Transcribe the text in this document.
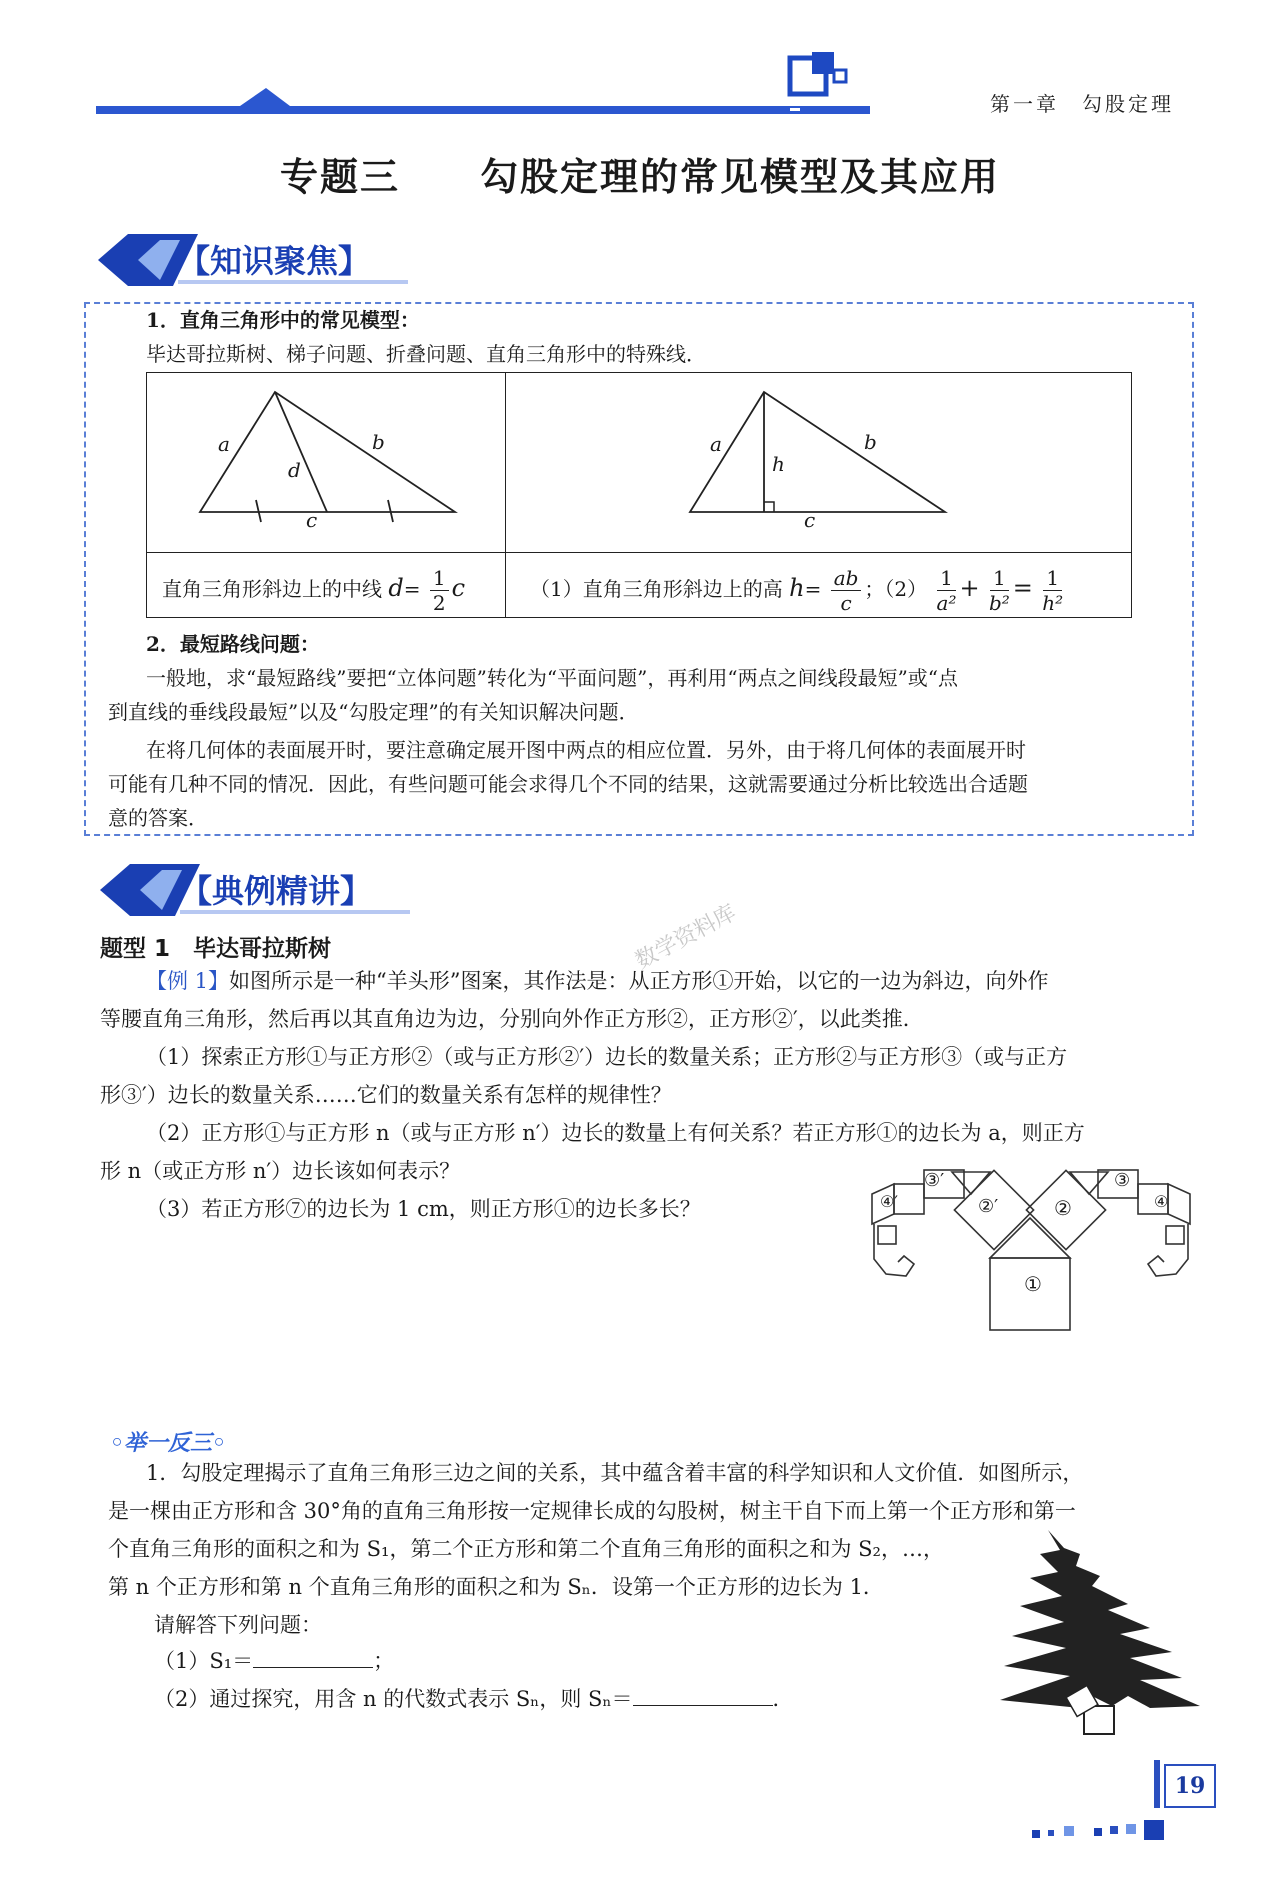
第一章　勾股定理
专题三　　 勾股定理的常见模型及其应用
【知识聚焦】
1．直角三角形中的常见模型：
毕达哥拉斯树、梯子问题、折叠问题、直角三角形中的特殊线．
a	b
d
c
a	b
h
c
直角三角形斜边上的中线 $d= \frac{1}{2}$ c	（1）直角三角形斜边上的高 $h= \frac{ab}{c}$ ；$(2) \frac{1}{\text{a²}} + \frac{1}{\text{b²}} = \frac{1}{\text{h²}}$
2．最短路线问题：
一般地，求“最短路线”要把“立体问题”转化为“平面问题”，再利用“两点之间线段最短”或“点
到直线的垂线段最短”以及“勾股定理”的有关知识解决问题．
在将几何体的表面展开时，要注意确定展开图中两点的相应位置．另外，由于将几何体的表面展开时
可能有几种不同的情况．因此，有些问题可能会求得几个不同的结果，这就需要通过分析比较选出合适题
意的答案．
【典例精讲】
数学资料库
题型 1　毕达哥拉斯树
【例 1】如图所示是一种“羊头形”图案，其作法是：从正方形①开始，以它的一边为斜边，向外作
等腰直角三角形，然后再以其直角边为边，分别向外作正方形②，正方形②′，以此类推．
（1）探索正方形①与正方形②（或与正方形②′）边长的数量关系；正方形②与正方形③（或与正方
形③′）边长的数量关系……它们的数量关系有怎样的规律性？
（2）正方形①与正方形 n（或与正方形 n′）边长的数量上有何关系？若正方形①的边长为 a，则正方
形 n（或正方形 n′）边长该如何表示？
（3）若正方形⑦的边长为 1 cm，则正方形①的边长多长？
①
②
②′
③
③′
④
④′
◦举一反三◦
1．勾股定理揭示了直角三角形三边之间的关系，其中蕴含着丰富的科学知识和人文价值．如图所示，
是一棵由正方形和含 30°角的直角三角形按一定规律长成的勾股树，树主干自下而上第一个正方形和第一
个直角三角形的面积之和为 S₁，第二个正方形和第二个直角三角形的面积之和为 S₂，…，
第 n 个正方形和第 n 个直角三角形的面积之和为 Sₙ．设第一个正方形的边长为 1．
请解答下列问题：
（1）S₁＝	；
（2）通过探究，用含 n 的代数式表示 Sₙ，则 Sₙ＝	．
19
